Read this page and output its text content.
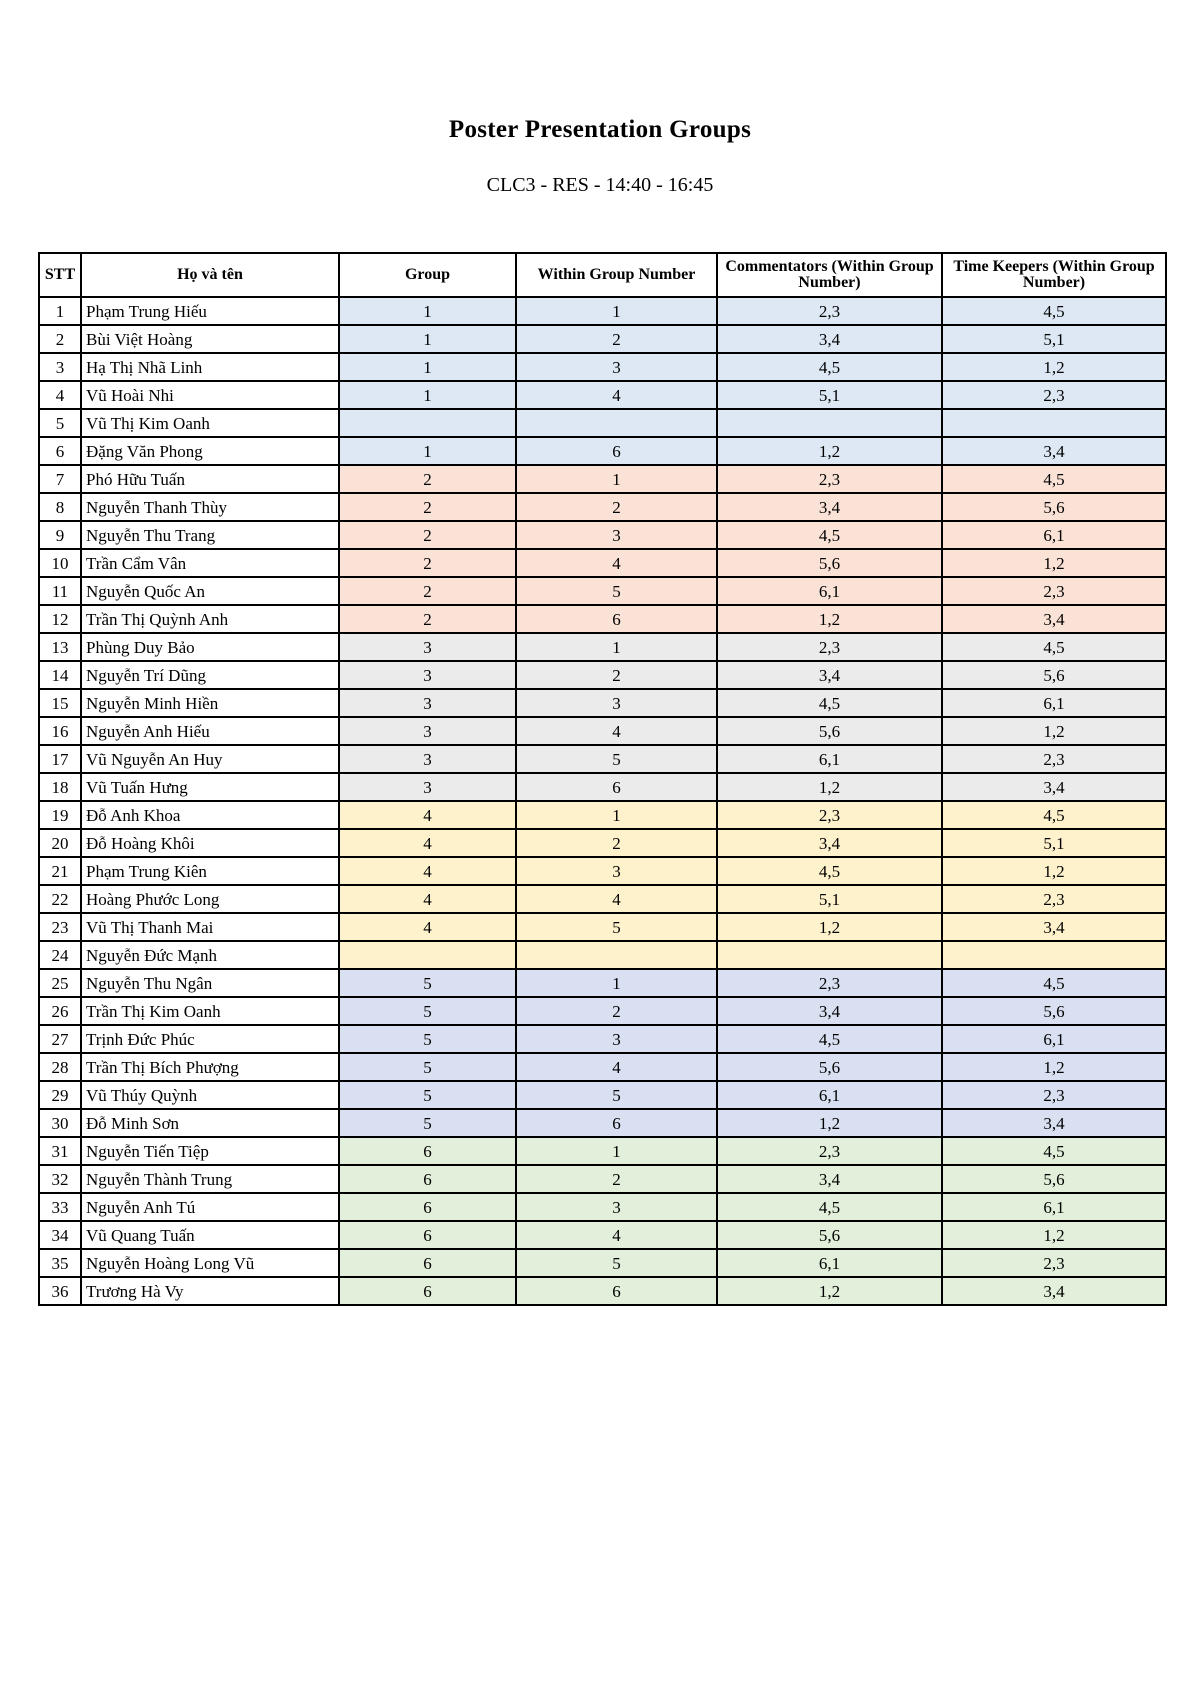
Poster Presentation Groups
CLC3 - RES - 14:40 - 16:45
STT	Họ và tên	Group	Within Group Number	Commentators (Within Group Number)	Time Keepers (Within Group Number)
1	Phạm Trung Hiếu	1	1	2,3	4,5
2	Bùi Việt Hoàng	1	2	3,4	5,1
3	Hạ Thị Nhã Linh	1	3	4,5	1,2
4	Vũ Hoài Nhi	1	4	5,1	2,3
5	Vũ Thị Kim Oanh				
6	Đặng Văn Phong	1	6	1,2	3,4
7	Phó Hữu Tuấn	2	1	2,3	4,5
8	Nguyễn Thanh Thùy	2	2	3,4	5,6
9	Nguyễn Thu Trang	2	3	4,5	6,1
10	Trần Cẩm Vân	2	4	5,6	1,2
11	Nguyễn Quốc An	2	5	6,1	2,3
12	Trần Thị Quỳnh Anh	2	6	1,2	3,4
13	Phùng Duy Bảo	3	1	2,3	4,5
14	Nguyễn Trí Dũng	3	2	3,4	5,6
15	Nguyễn Minh Hiền	3	3	4,5	6,1
16	Nguyễn Anh Hiếu	3	4	5,6	1,2
17	Vũ Nguyễn An Huy	3	5	6,1	2,3
18	Vũ Tuấn Hưng	3	6	1,2	3,4
19	Đỗ Anh Khoa	4	1	2,3	4,5
20	Đỗ Hoàng Khôi	4	2	3,4	5,1
21	Phạm Trung Kiên	4	3	4,5	1,2
22	Hoàng Phước Long	4	4	5,1	2,3
23	Vũ Thị Thanh Mai	4	5	1,2	3,4
24	Nguyễn Đức Mạnh				
25	Nguyễn Thu Ngân	5	1	2,3	4,5
26	Trần Thị Kim Oanh	5	2	3,4	5,6
27	Trịnh Đức Phúc	5	3	4,5	6,1
28	Trần Thị Bích Phượng	5	4	5,6	1,2
29	Vũ Thúy Quỳnh	5	5	6,1	2,3
30	Đỗ Minh Sơn	5	6	1,2	3,4
31	Nguyễn Tiến Tiệp	6	1	2,3	4,5
32	Nguyễn Thành Trung	6	2	3,4	5,6
33	Nguyễn Anh Tú	6	3	4,5	6,1
34	Vũ Quang Tuấn	6	4	5,6	1,2
35	Nguyễn Hoàng Long Vũ	6	5	6,1	2,3
36	Trương Hà Vy	6	6	1,2	3,4
